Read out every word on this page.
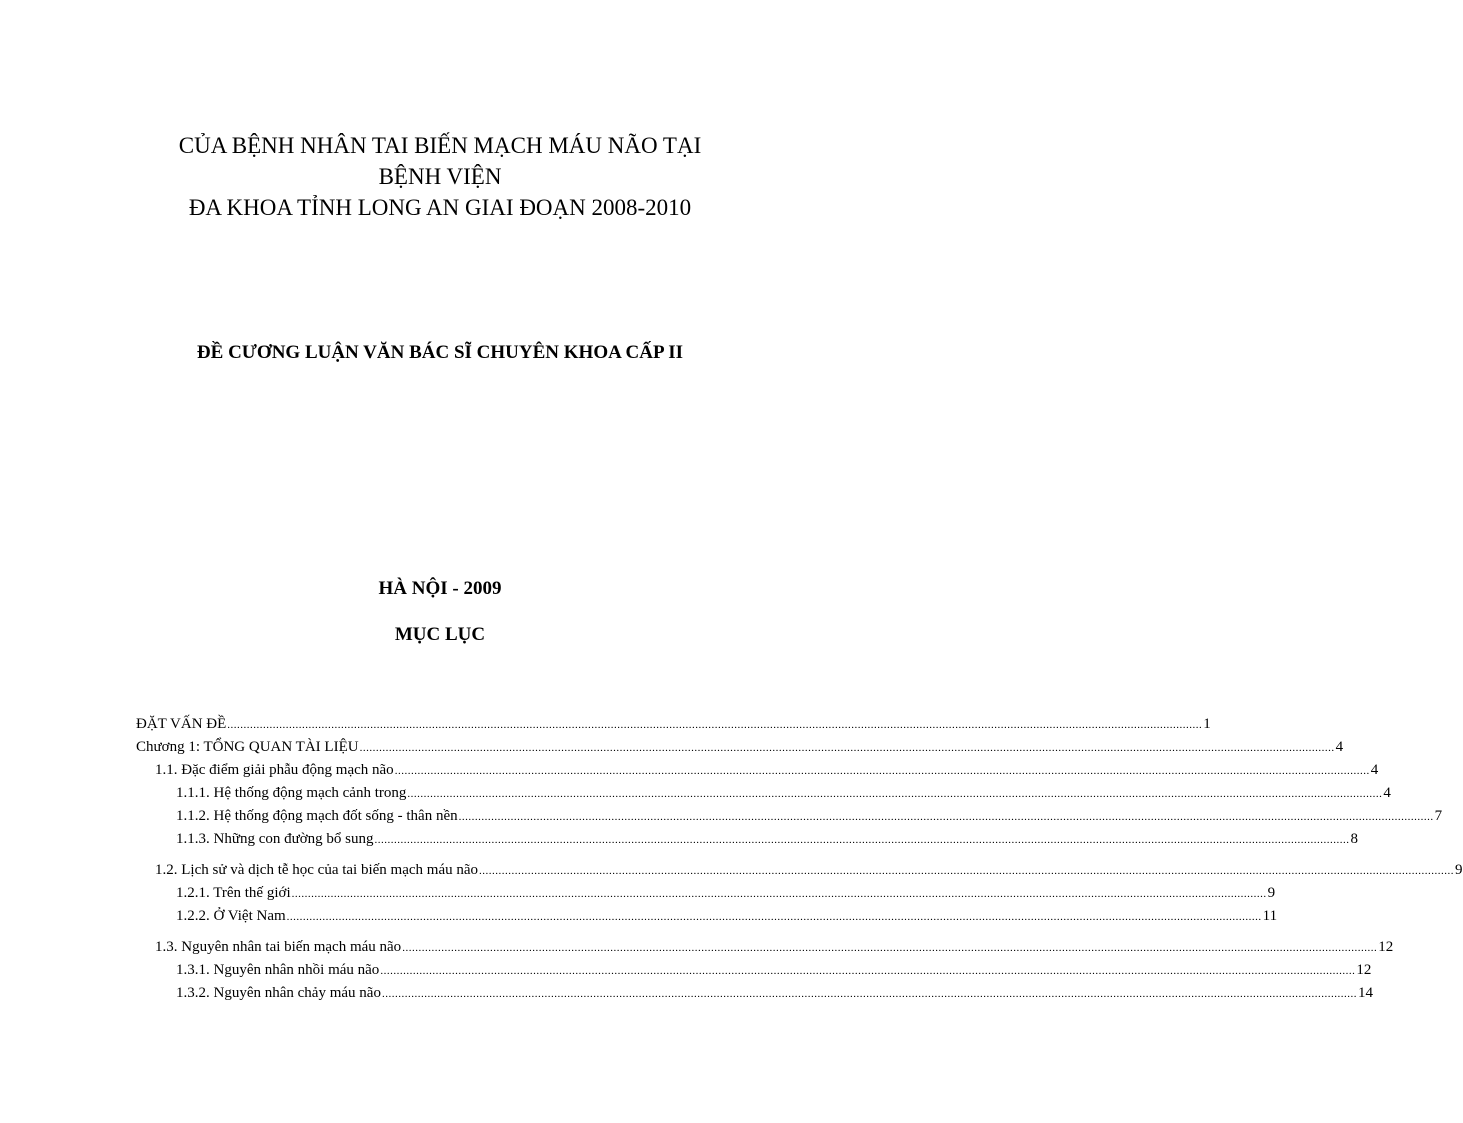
CỦA BỆNH NHÂN TAI BIẾN MẠCH MÁU NÃO TẠI
BỆNH VIỆN
ĐA KHOA TỈNH LONG AN GIAI ĐOẠN 2008-2010
ĐỀ CƯƠNG LUẬN VĂN BÁC SĨ CHUYÊN KHOA CẤP II
HÀ NỘI - 2009
MỤC LỤC
ĐẶT VẤN ĐỀ ............................................................................................................................................................................................................................................................................................................ 1
Chương 1: TỔNG QUAN TÀI LIỆU ............................................................................................................................................................................................................................................................................................................ 4
1.1. Đặc điểm giải phẫu động mạch não ............................................................................................................................................................................................................................................................................................................ 4
1.1.1. Hệ thống động mạch cảnh trong ............................................................................................................................................................................................................................................................................................................ 4
1.1.2. Hệ thống động mạch đốt sống - thân nền ............................................................................................................................................................................................................................................................................................................ 7
1.1.3. Những con đường bổ sung ............................................................................................................................................................................................................................................................................................................ 8
1.2. Lịch sử và dịch tễ học của tai biến mạch máu não ............................................................................................................................................................................................................................................................................................................ 9
1.2.1. Trên thế giới ............................................................................................................................................................................................................................................................................................................ 9
1.2.2. Ở Việt Nam ............................................................................................................................................................................................................................................................................................................ 11
1.3. Nguyên nhân tai biến mạch máu não ............................................................................................................................................................................................................................................................................................................ 12
1.3.1. Nguyên nhân nhồi máu não ............................................................................................................................................................................................................................................................................................................ 12
1.3.2. Nguyên nhân chảy máu não ............................................................................................................................................................................................................................................................................................................ 14
